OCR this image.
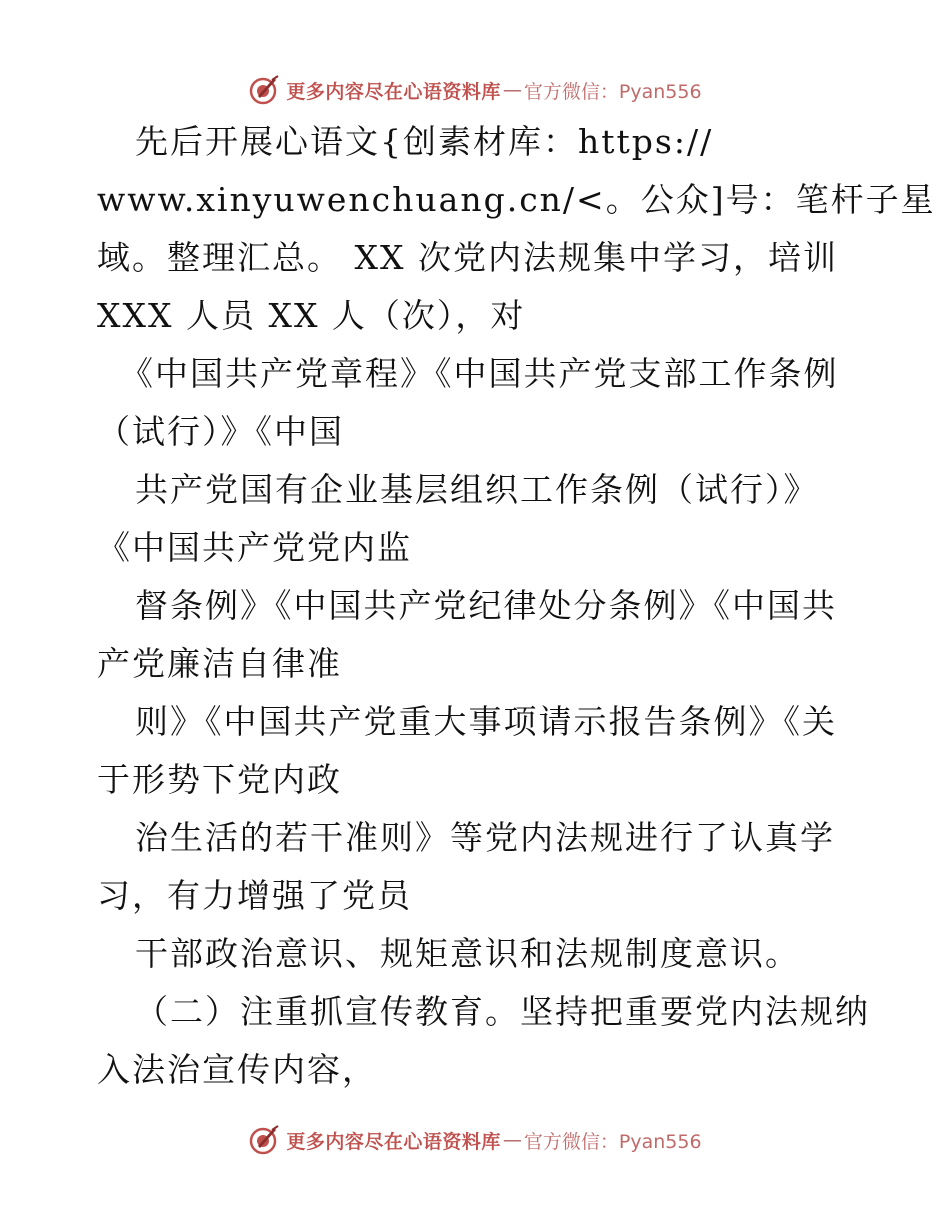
更多内容尽在心语资料库 — 官方微信：Pyan556
先后开展心语文{创素材库：https://
www.xinyuwenchuang.cn/<。公众]号：笔杆子星
域。整理汇总。 XX 次党内法规集中学习，培训
XXX 人员 XX 人（次），对
《中国共产党章程》《中国共产党支部工作条例
（试行）》《中国
共产党国有企业基层组织工作条例（试行）》
《中国共产党党内监
督条例》《中国共产党纪律处分条例》《中国共
产党廉洁自律准
则》《中国共产党重大事项请示报告条例》《关
于形势下党内政
治生活的若干准则》等党内法规进行了认真学
习，有力增强了党员
干部政治意识、规矩意识和法规制度意识。
（二）注重抓宣传教育。坚持把重要党内法规纳
入法治宣传内容，
更多内容尽在心语资料库 — 官方微信：Pyan556
